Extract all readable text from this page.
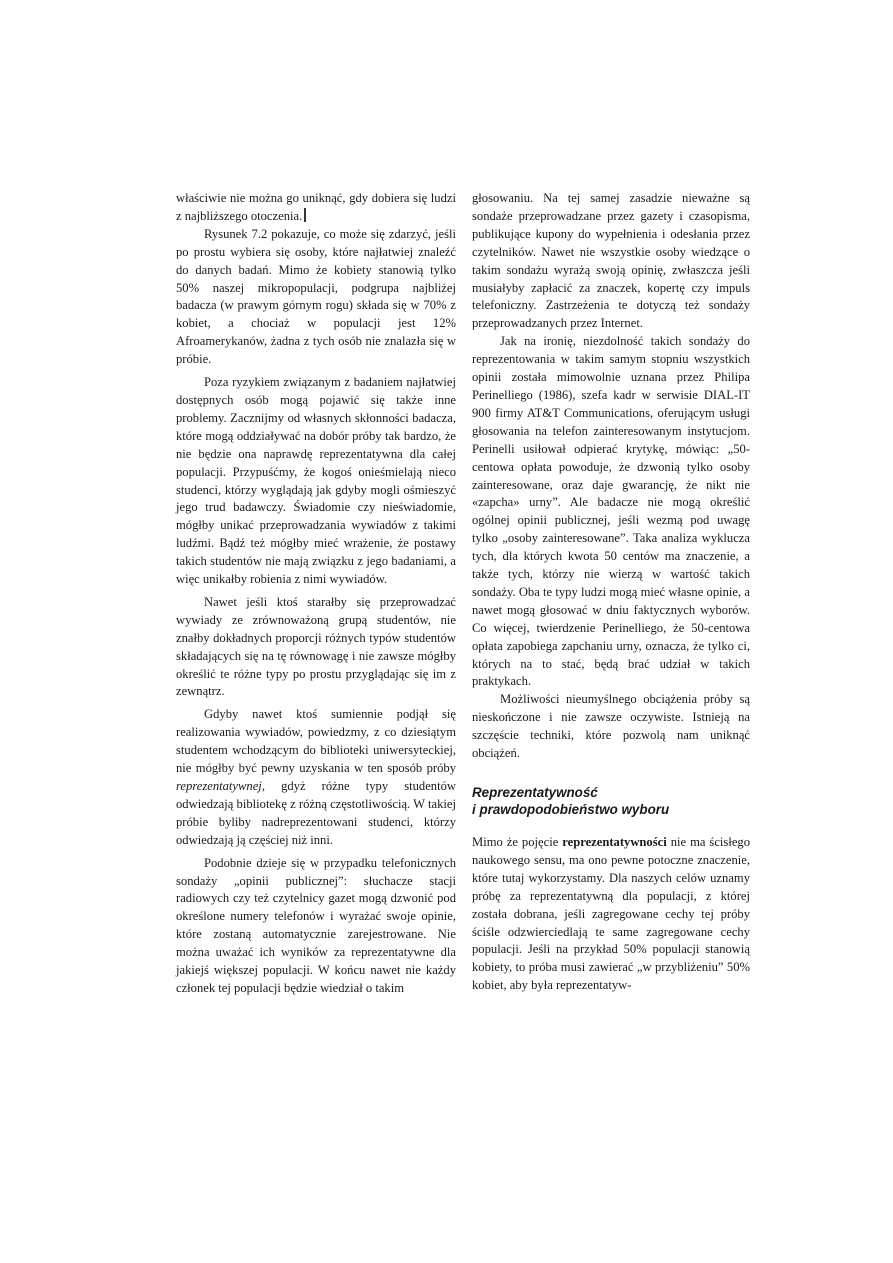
właściwie nie można go uniknąć, gdy dobiera się ludzi z najbliższego otoczenia.

Rysunek 7.2 pokazuje, co może się zdarzyć, jeśli po prostu wybiera się osoby, które najłatwiej znaleźć do danych badań. Mimo że kobiety stanowią tylko 50% naszej mikropopulacji, podgrupa najbliżej badacza (w prawym górnym rogu) składa się w 70% z kobiet, a chociaż w populacji jest 12% Afroamerykanów, żadna z tych osób nie znalazła się w próbie.

Poza ryzykiem związanym z badaniem najłatwiej dostępnych osób mogą pojawić się także inne problemy. Zacznijmy od własnych skłonności badacza, które mogą oddziaływać na dobór próby tak bardzo, że nie będzie ona naprawdę reprezentatywna dla całej populacji. Przypuśćmy, że kogoś onieśmielają nieco studenci, którzy wyglądają jak gdyby mogli ośmieszyć jego trud badawczy. Świadomie czy nieświadomie, mógłby unikać przeprowadzania wywiadów z takimi ludźmi. Bądź też mógłby mieć wrażenie, że postawy takich studentów nie mają związku z jego badaniami, a więc unikałby robienia z nimi wywiadów.

Nawet jeśli ktoś starałby się przeprowadzać wywiady ze zrównoważoną grupą studentów, nie znałby dokładnych proporcji różnych typów studentów składających się na tę równowagę i nie zawsze mógłby określić te różne typy po prostu przyglądając się im z zewnątrz.

Gdyby nawet ktoś sumiennie podjął się realizowania wywiadów, powiedzmy, z co dziesiątym studentem wchodzącym do biblioteki uniwersyteckiej, nie mógłby być pewny uzyskania w ten sposób próby reprezentatywnej, gdyż różne typy studentów odwiedzają bibliotekę z różną częstotliwością. W takiej próbie byliby nadreprezentowani studenci, którzy odwiedzają ją częściej niż inni.

Podobnie dzieje się w przypadku telefonicznych sondaży „opinii publicznej”: słuchacze stacji radiowych czy też czytelnicy gazet mogą dzwonić pod określone numery telefonów i wyrażać swoje opinie, które zostaną automatycznie zarejestrowane. Nie można uważać ich wyników za reprezentatywne dla jakiejś większej populacji. W końcu nawet nie każdy członek tej populacji będzie wiedział o takim

głosowaniu. Na tej samej zasadzie nieważne są sondaże przeprowadzane przez gazety i czasopisma, publikujące kupony do wypełnienia i odesłania przez czytelników. Nawet nie wszystkie osoby wiedzące o takim sondażu wyrażą swoją opinię, zwłaszcza jeśli musiałyby zapłacić za znaczek, kopertę czy impuls telefoniczny. Zastrzeżenia te dotyczą też sondaży przeprowadzanych przez Internet.

Jak na ironię, niezdolność takich sondaży do reprezentowania w takim samym stopniu wszystkich opinii została mimowolnie uznana przez Philipa Perinelliego (1986), szefa kadr w serwisie DIAL-IT 900 firmy AT&T Communications, oferującym usługi głosowania na telefon zainteresowanym instytucjom. Perinelli usiłował odpierać krytykę, mówiąc: „50-centowa opłata powoduje, że dzwonią tylko osoby zainteresowane, oraz daje gwarancję, że nikt nie «zapcha» urny”. Ale badacze nie mogą określić ogólnej opinii publicznej, jeśli wezmą pod uwagę tylko „osoby zainteresowane”. Taka analiza wyklucza tych, dla których kwota 50 centów ma znaczenie, a także tych, którzy nie wierzą w wartość takich sondaży. Oba te typy ludzi mogą mieć własne opinie, a nawet mogą głosować w dniu faktycznych wyborów. Co więcej, twierdzenie Perinelliego, że 50-centowa opłata zapobiega zapchaniu urny, oznacza, że tylko ci, których na to stać, będą brać udział w takich praktykach.

Możliwości nieumyślnego obciążenia próby są nieskończone i nie zawsze oczywiste. Istnieją na szczęście techniki, które pozwolą nam uniknąć obciążeń.

Reprezentatywność
i prawdopodobieństwo wyboru

Mimo że pojęcie reprezentatywności nie ma ścisłego naukowego sensu, ma ono pewne potoczne znaczenie, które tutaj wykorzystamy. Dla naszych celów uznamy próbę za reprezentatywną dla populacji, z której została dobrana, jeśli zagregowane cechy tej próby ściśle odzwierciedlają te same zagregowane cechy populacji. Jeśli na przykład 50% populacji stanowią kobiety, to próba musi zawierać „w przybliżeniu” 50% kobiet, aby była reprezentatyw-
